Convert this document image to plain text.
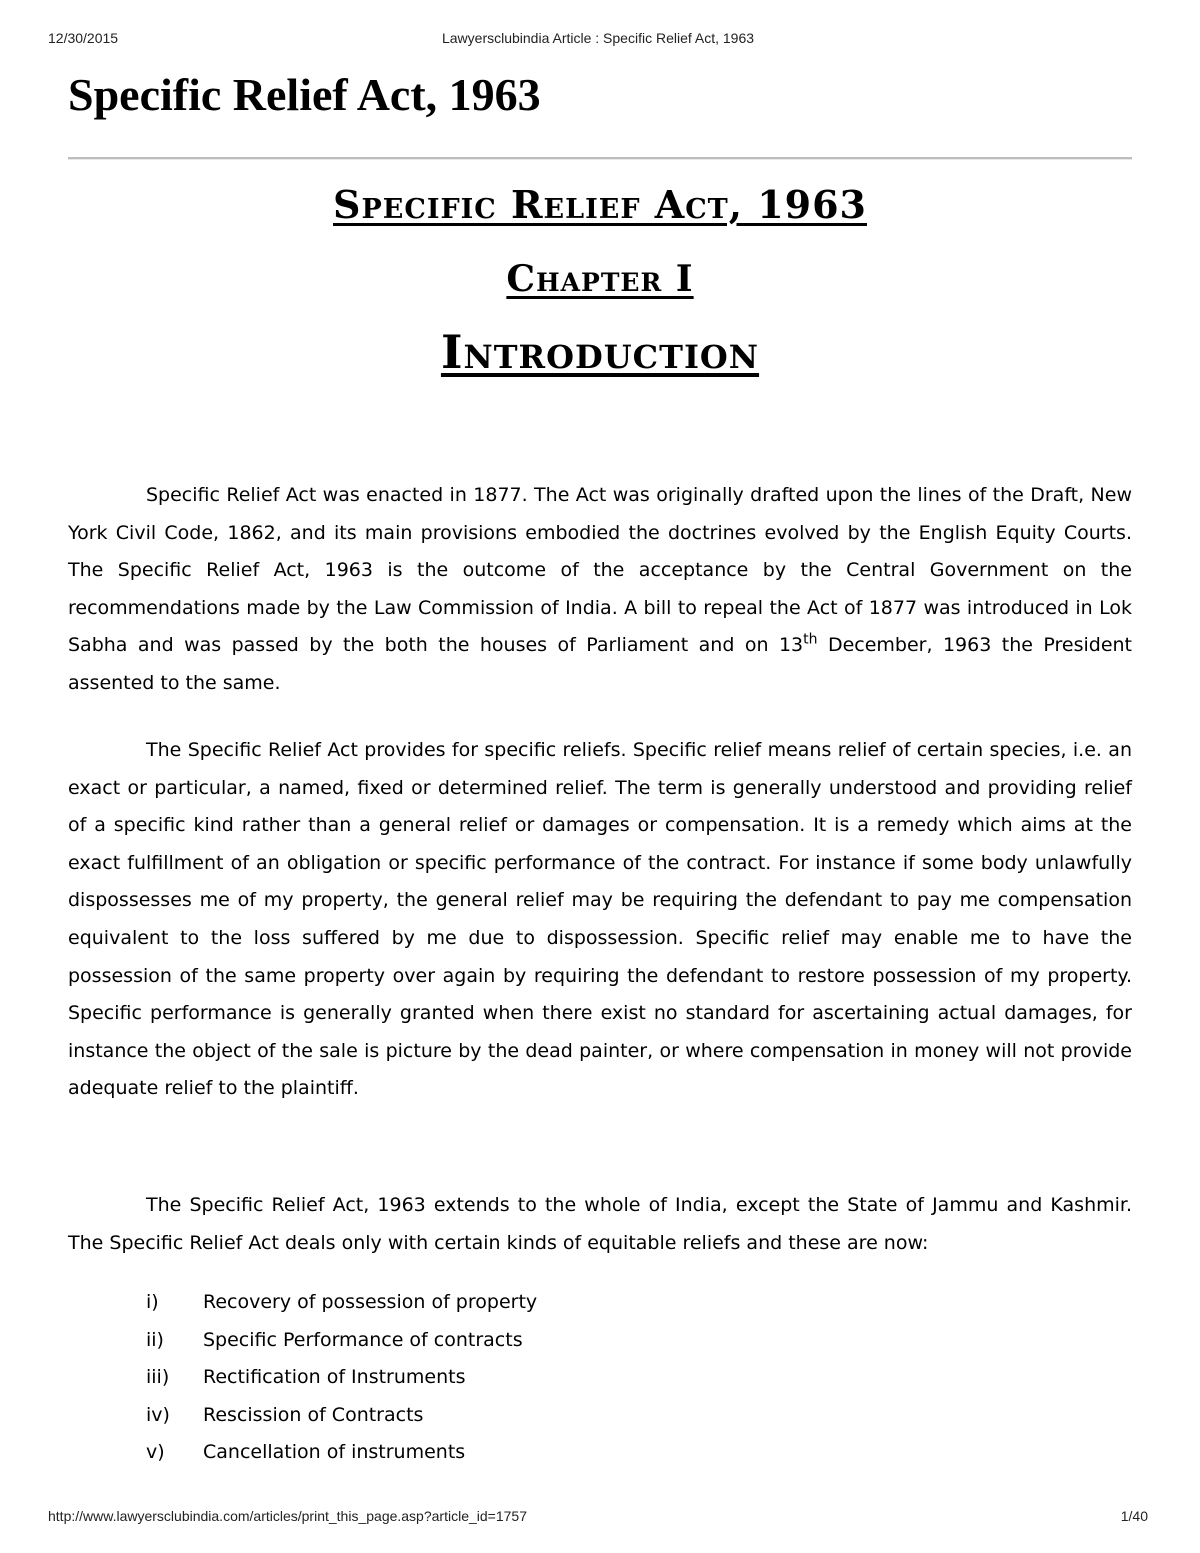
12/30/2015	Lawyersclubindia Article : Specific Relief Act, 1963
Specific Relief Act, 1963
Specific Relief Act, 1963
Chapter I
Introduction

Specific Relief Act was enacted in 1877. The Act was originally drafted upon the lines of the Draft, New York Civil Code, 1862, and its main provisions embodied the doctrines evolved by the English Equity Courts. The Specific Relief Act, 1963 is the outcome of the acceptance by the Central Government on the recommendations made by the Law Commission of India. A bill to repeal the Act of 1877 was introduced in Lok Sabha and was passed by the both the houses of Parliament and on 13th December, 1963 the President assented to the same.

The Specific Relief Act provides for specific reliefs. Specific relief means relief of certain species, i.e. an exact or particular, a named, fixed or determined relief. The term is generally understood and providing relief of a specific kind rather than a general relief or damages or compensation. It is a remedy which aims at the exact fulfillment of an obligation or specific performance of the contract. For instance if some body unlawfully dispossesses me of my property, the general relief may be requiring the defendant to pay me compensation equivalent to the loss suffered by me due to dispossession. Specific relief may enable me to have the possession of the same property over again by requiring the defendant to restore possession of my property. Specific performance is generally granted when there exist no standard for ascertaining actual damages, for instance the object of the sale is picture by the dead painter, or where compensation in money will not provide adequate relief to the plaintiff.

The Specific Relief Act, 1963 extends to the whole of India, except the State of Jammu and Kashmir. The Specific Relief Act deals only with certain kinds of equitable reliefs and these are now:

i) Recovery of possession of property
ii) Specific Performance of contracts
iii) Rectification of Instruments
iv) Rescission of Contracts
v) Cancellation of instruments
http://www.lawyersclubindia.com/articles/print_this_page.asp?article_id=1757	1/40
